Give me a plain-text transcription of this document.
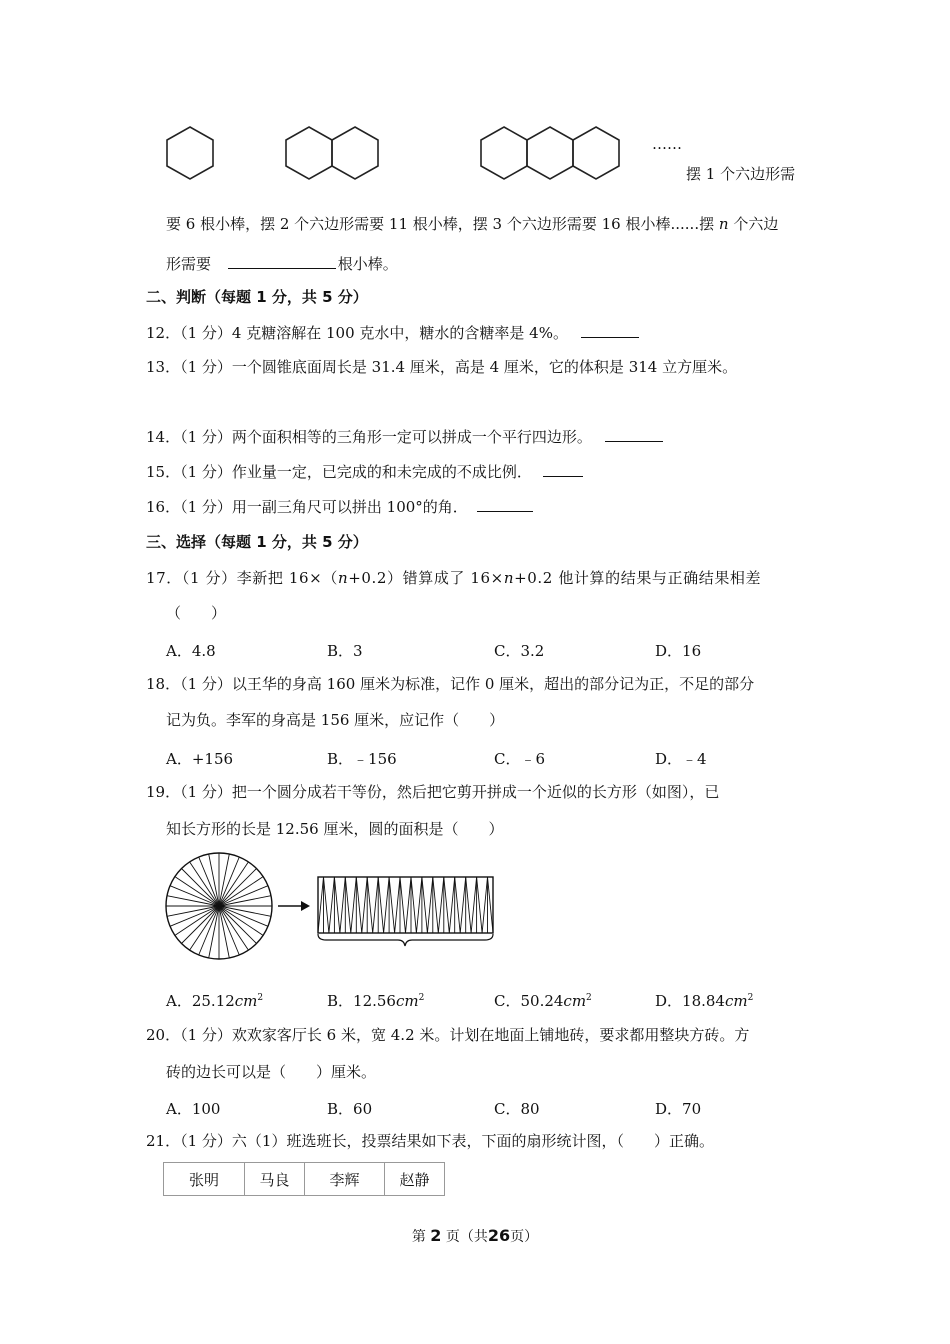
……
摆 1 个六边形需
要 6 根小棒，摆 2 个六边形需要 11 根小棒，摆 3 个六边形需要 16 根小棒......摆 n 个六边
形需要	根小棒。
二、判断（每题 1 分，共 5 分）
12．（1 分）4 克糖溶解在 100 克水中，糖水的含糖率是 4%。
13．（1 分）一个圆锥底面周长是 31.4 厘米，高是 4 厘米，它的体积是 314 立方厘米。
14．（1 分）两个面积相等的三角形一定可以拼成一个平行四边形。
15．（1 分）作业量一定，已完成的和未完成的不成比例．
16．（1 分）用一副三角尺可以拼出 100°的角．
三、选择（每题 1 分，共 5 分）
17．（1 分）李新把 16×（n+0.2）错算成了 16×n+0.2 他计算的结果与正确结果相差
（　　）
A．4.8	B．3	C．3.2	D．16
18．（1 分）以王华的身高 160 厘米为标准，记作 0 厘米，超出的部分记为正，不足的部分
记为负。李军的身高是 156 厘米，应记作（　　）
A．+156	B．﹣156	C．﹣6	D．﹣4
19．（1 分）把一个圆分成若干等份，然后把它剪开拼成一个近似的长方形（如图），已
知长方形的长是 12.56 厘米，圆的面积是（　　）
A．$25.12cm^2$	B．$12.56cm^2$	C．$50.24cm^2$	D．$18.84cm^2$
20．（1 分）欢欢家客厅长 6 米，宽 4.2 米。计划在地面上铺地砖，要求都用整块方砖。方
砖的边长可以是（　　）厘米。
A．100	B．60	C．80	D．70
21．（1 分）六（1）班选班长，投票结果如下表，下面的扇形统计图，（　　）正确。
张明	马良	李辉	赵静
第 2 页（共26页）
